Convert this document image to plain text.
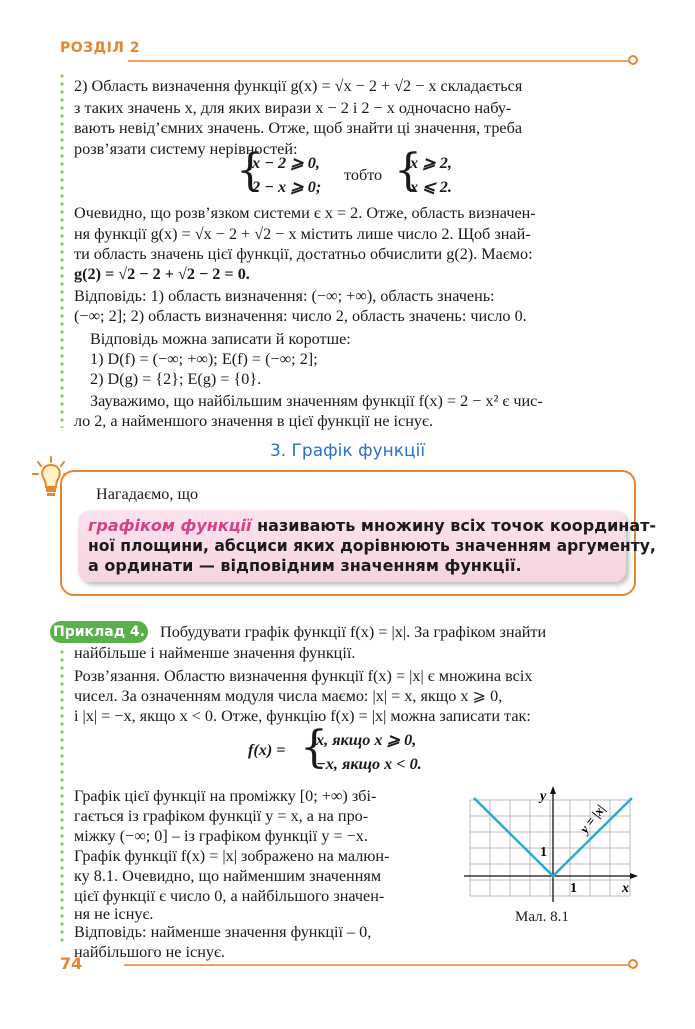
РОЗДІЛ 2
2) Область визначення функції g(x) = √x − 2 + √2 − x складається
з таких значень x, для яких вирази x − 2 і 2 − x одночасно набу-
вають невід’ємних значень. Отже, щоб знайти ці значення, треба
розв’язати систему нерівностей:
{
x − 2 ⩾ 0,
2 − x ⩾ 0;
тобто {
x ⩾ 2,
x ⩽ 2.
Очевидно, що розв’язком системи є x = 2. Отже, область визначен-
ня функції g(x) = √x − 2 + √2 − x містить лише число 2. Щоб знай-
ти область значень цієї функції, достатньо обчислити g(2). Маємо:
g(2) = √2 − 2 + √2 − 2 = 0.
Відповідь: 1) область визначення: (−∞; +∞), область значень:
(−∞; 2]; 2) область визначення: число 2, область значень: число 0.
Відповідь можна записати й коротше:
1) D(f) = (−∞; +∞); E(f) = (−∞; 2];
2) D(g) = {2}; E(g) = {0}.
Зауважимо, що найбільшим значенням функції f(x) = 2 − x² є чис-
ло 2, а найменшого значення в цієї функції не існує.
3. Графік функції
Нагадаємо, що
графіком функції називають множину всіх точок координат-
ної площини, абсциси яких дорівнюють значенням аргументу,
а ординати — відповідним значенням функції.
Приклад 4. Побудувати графік функції f(x) = |x|. За графіком знайти
найбільше і найменше значення функції.
Розв’язання. Областю визначення функції f(x) = |x| є множина всіх
чисел. За означенням модуля числа маємо: |x| = x, якщо x ⩾ 0,
і |x| = −x, якщо x < 0. Отже, функцію f(x) = |x| можна записати так:
f(x) = {
x, якщо x ⩾ 0,
−x, якщо x < 0.
Графік цієї функції на проміжку [0; +∞) збі-
гається із графіком функції y = x, а на про-
міжку (−∞; 0] – із графіком функції y = −x.
Графік функції f(x) = |x| зображено на малюн-
ку 8.1. Очевидно, що найменшим значенням
цієї функції є число 0, а найбільшого значен-
ня не існує.
Відповідь: найменше значення функції – 0,
найбільшого не існує.
y
x
1
1
y = |x|
Мал. 8.1
74
